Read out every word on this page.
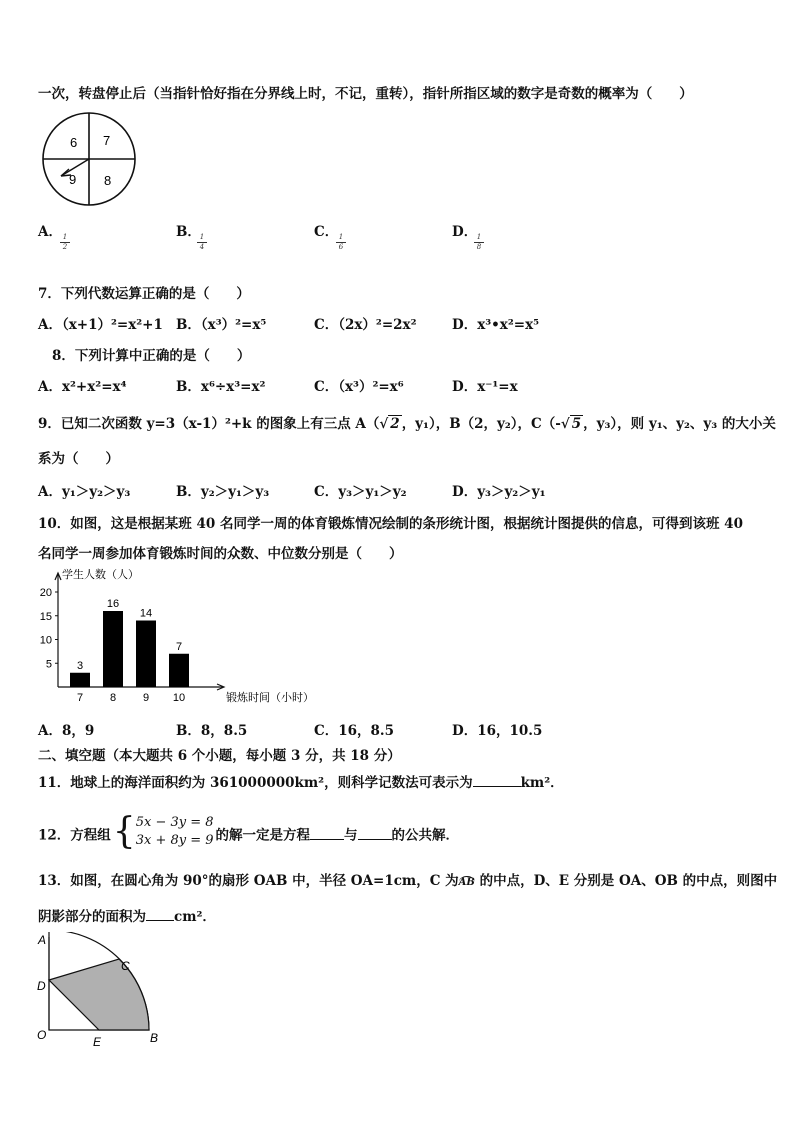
一次，转盘停止后（当指针恰好指在分界线上时，不记，重转），指针所指区域的数字是奇数的概率为（　　）
6 7
9 8
A．
$\frac{1}{2}$
B．
$\frac{1}{4}$
C．
$\frac{1}{6}$
D．
$\frac{1}{8}$
7．下列代数运算正确的是（　　）
A．（x+1）²=x²+1 B．（x³）²=x⁵	C．（2x）²=2x²	D．x³•x²=x⁵
8．下列计算中正确的是（　　）
A．x²+x²=x⁴	B．x⁶÷x³=x²	C．（x³）²=x⁶	D．x⁻¹=x
9．已知二次函数 y=3（x-1）²+k 的图象上有三点 A（√ 2 ，y₁），B（2，y₂），C（-√ 5 ，y₃），则 y₁、y₂、y₃ 的大小关
系为（　　）
A．y₁＞y₂＞y₃	B．y₂＞y₁＞y₃	C．y₃＞y₁＞y₂	D．y₃＞y₂＞y₁
10．如图，这是根据某班 40 名同学一周的体育锻炼情况绘制的条形统计图，根据统计图提供的信息，可得到该班 40
名同学一周参加体育锻炼时间的众数、中位数分别是（　　）
学生人数（人）
锻炼时间（小时）
5
10
15
20
3
7
16
8
14
9
7
10
A．8，9	B．8，8.5	C．16，8.5	D．16，10.5
二、填空题（本大题共 6 个小题，每小题 3 分，共 18 分）
11．地球上的海洋面积约为 361000000km²，则科学记数法可表示为	km²．
12．方程组{5x − 3y = 8
3x + 8y = 9 的解一定是方程	与	的公共解．
13．如图，在圆心角为 90°的扇形 OAB 中，半径 OA=1cm，C 为AB 的中点，D、E 分别是 OA、OB 的中点，则图中
阴影部分的面积为 cm²．
A
C
D
O	E	B
